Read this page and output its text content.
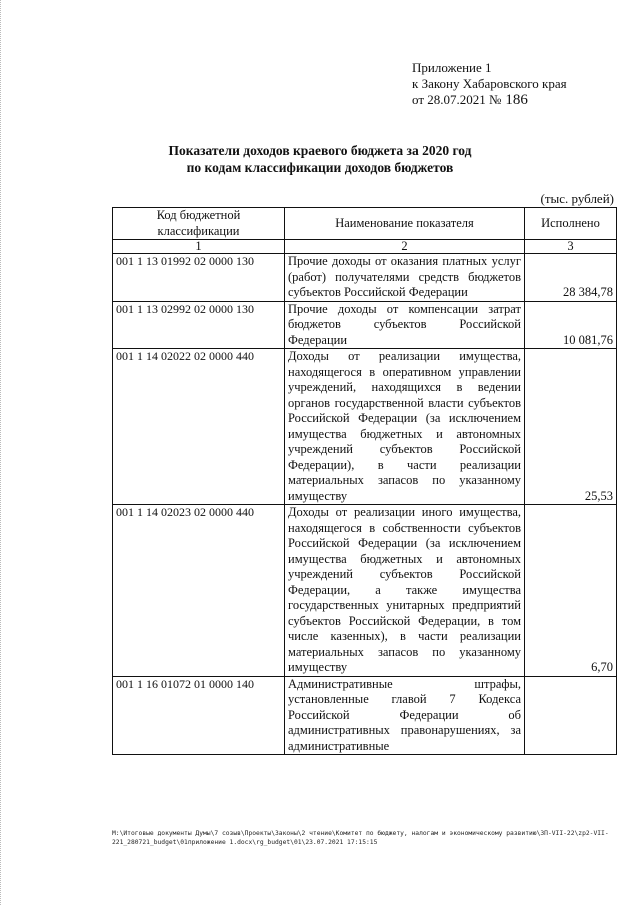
Приложение 1
к Закону Хабаровского края
от 28.07.2021 № 186
Показатели доходов краевого бюджета за 2020 год
по кодам классификации доходов бюджетов
(тыс. рублей)
Код бюджетной классификации	Наименование показателя	Исполнено
1	2	3
001 1 13 01992 02 0000 130	Прочие доходы от оказания платных услуг (работ) получателями средств бюджетов субъектов Российской Федерации	28 384,78
001 1 13 02992 02 0000 130	Прочие доходы от компенсации затрат бюджетов субъектов Российской Федерации	10 081,76
001 1 14 02022 02 0000 440	Доходы от реализации имущества, находящегося в оперативном управлении учреждений, находящихся в ведении органов государственной власти субъектов Российской Федерации (за исключением имущества бюджетных и автономных учреждений субъектов Российской Федерации), в части реализации материальных запасов по указанному имуществу	25,53
001 1 14 02023 02 0000 440	Доходы от реализации иного имущества, находящегося в собственности субъектов Российской Федерации (за исключением имущества бюджетных и автономных учреждений субъектов Российской Федерации, а также имущества государственных унитарных предприятий субъектов Российской Федерации, в том числе казенных), в части реализации материальных запасов по указанному имуществу	6,70
001 1 16 01072 01 0000 140	Административные штрафы, установленные главой 7 Кодекса Российской Федерации об административных правонарушениях, за административные	
M:\Итоговые документы Думы\7 созыв\Проекты\Законы\2 чтение\Комитет по бюджету, налогам и экономическому развитию\ЗП-VII-22\zp2-VII-
221_280721_budget\01приложение 1.docx\rg_budget\01\23.07.2021 17:15:15
